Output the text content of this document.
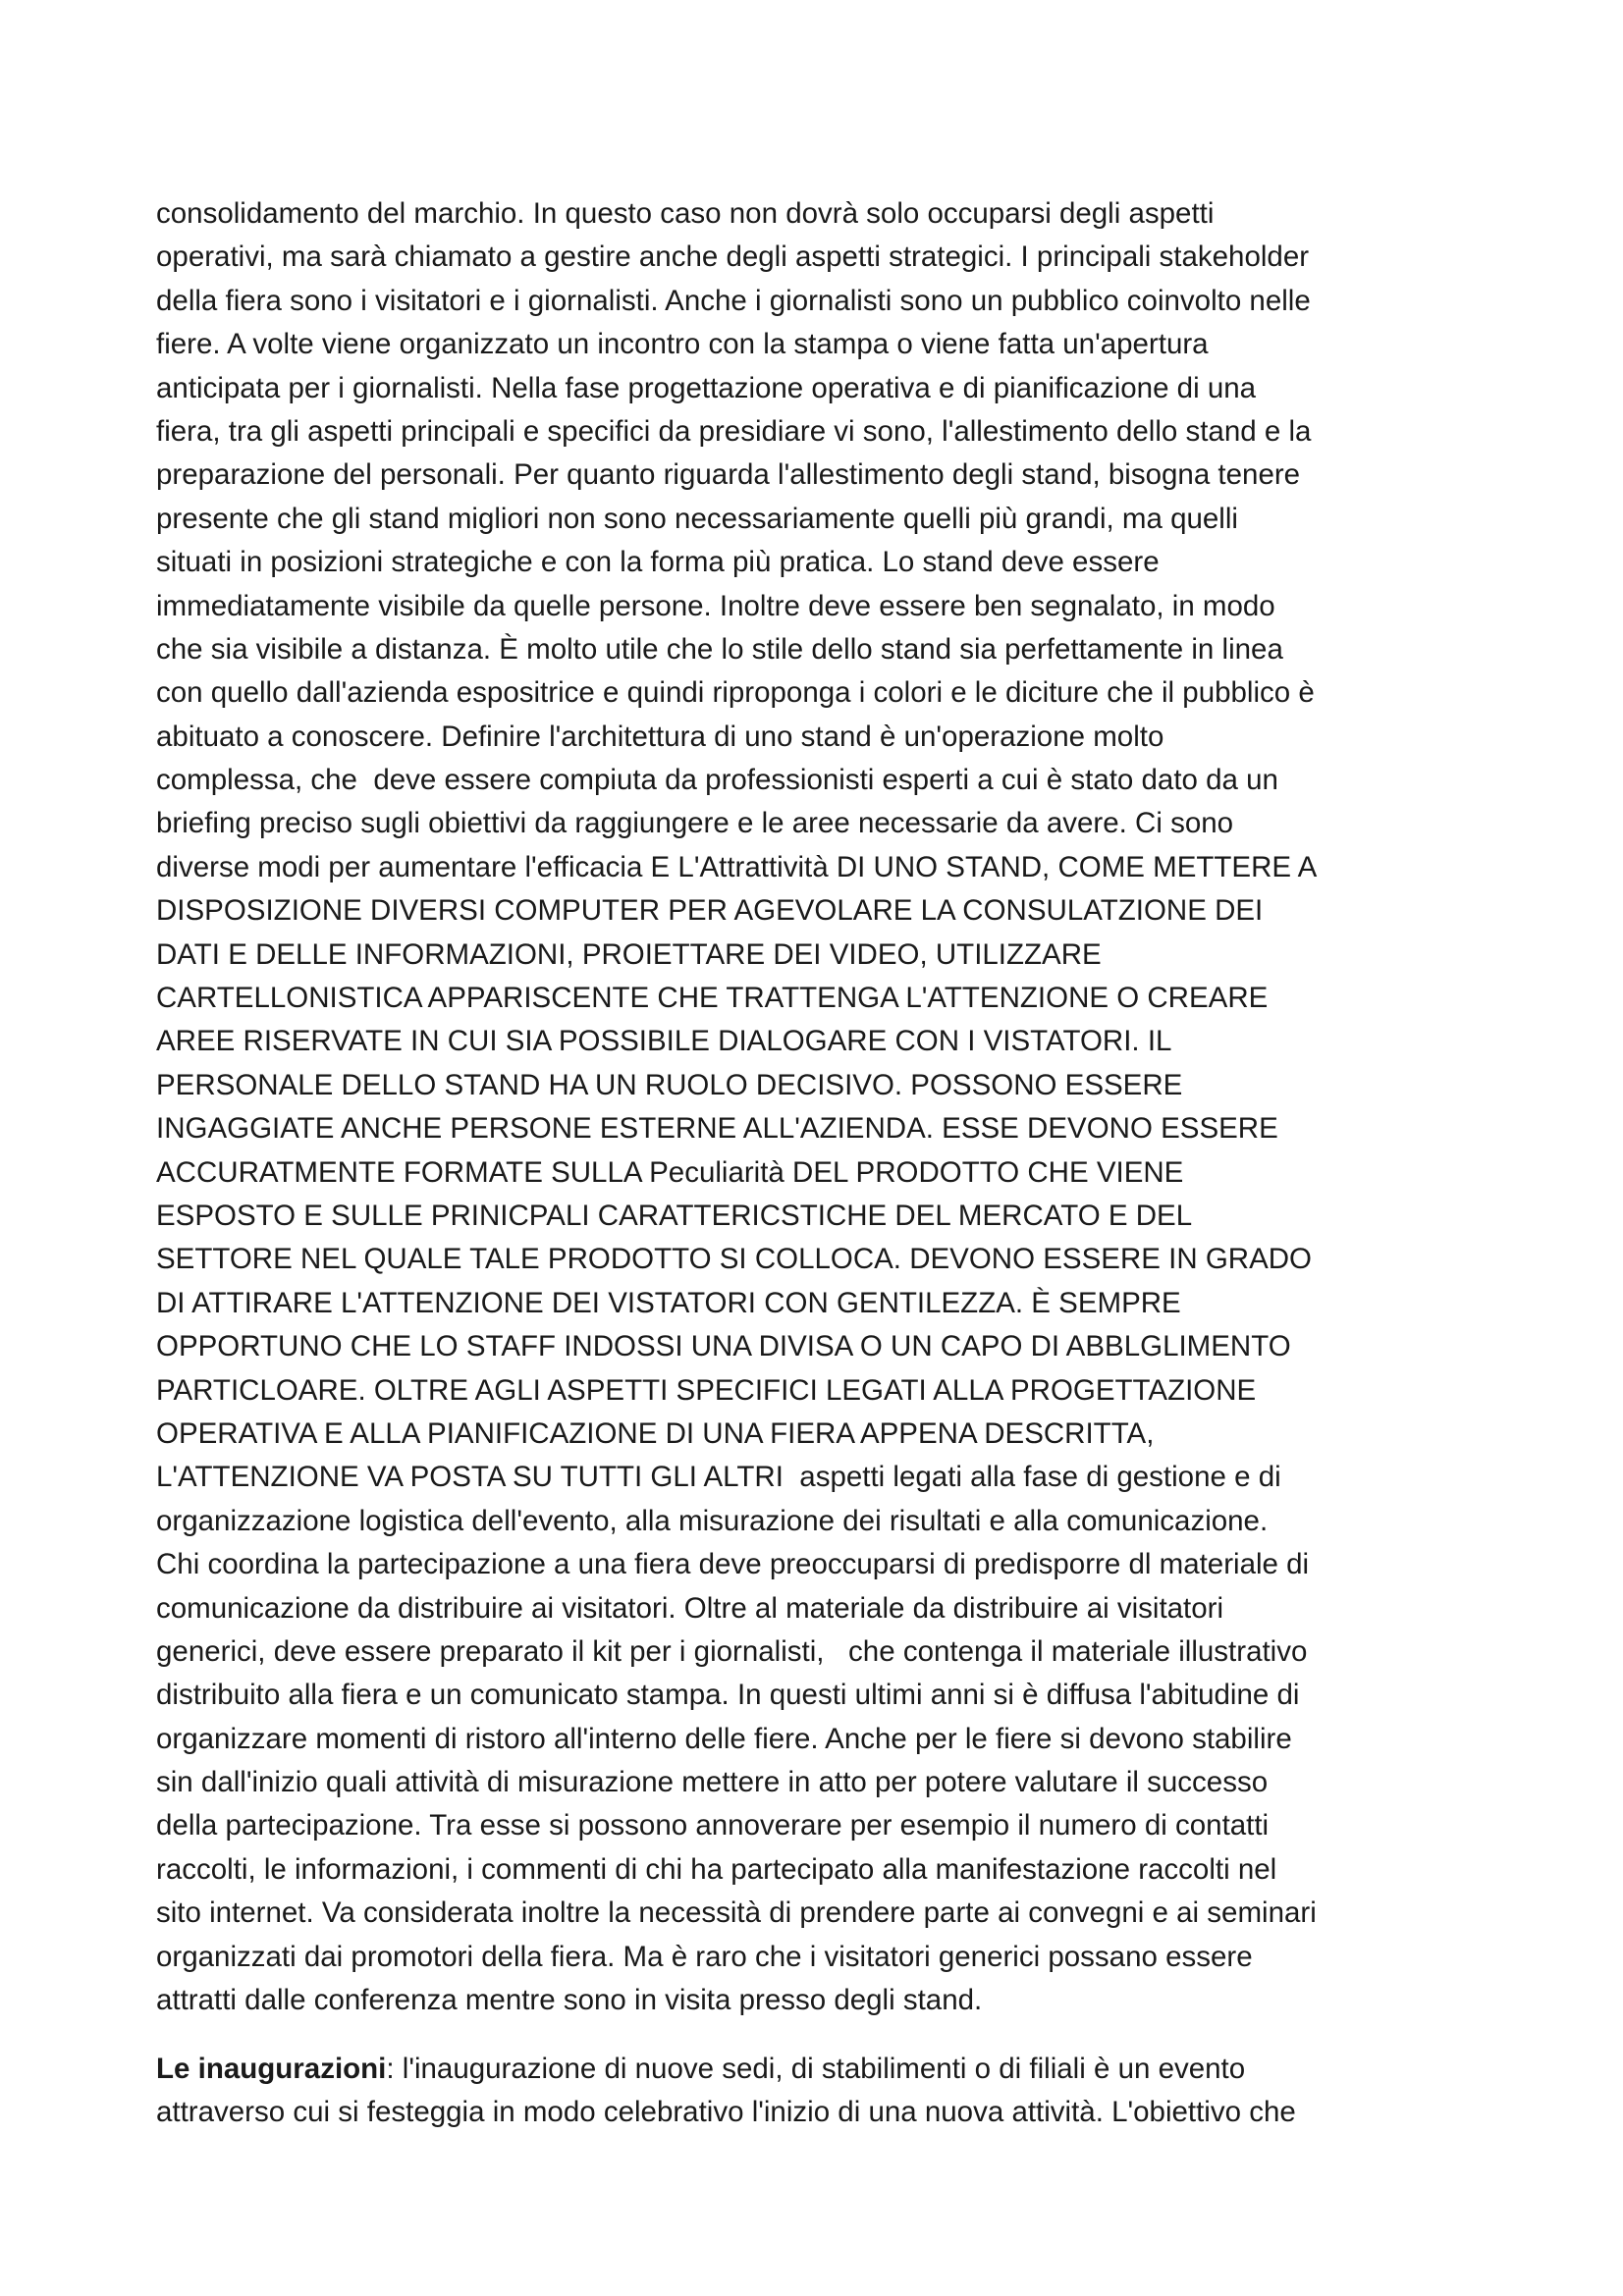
consolidamento del marchio. In questo caso non dovrà solo occuparsi degli aspetti
operativi, ma sarà chiamato a gestire anche degli aspetti strategici. I principali stakeholder
della fiera sono i visitatori e i giornalisti. Anche i giornalisti sono un pubblico coinvolto nelle
fiere. A volte viene organizzato un incontro con la stampa o viene fatta un'apertura
anticipata per i giornalisti. Nella fase progettazione operativa e di pianificazione di una
fiera, tra gli aspetti principali e specifici da presidiare vi sono, l'allestimento dello stand e la
preparazione del personali. Per quanto riguarda l'allestimento degli stand, bisogna tenere
presente che gli stand migliori non sono necessariamente quelli più grandi, ma quelli
situati in posizioni strategiche e con la forma più pratica. Lo stand deve essere
immediatamente visibile da quelle persone. Inoltre deve essere ben segnalato, in modo
che sia visibile a distanza. È molto utile che lo stile dello stand sia perfettamente in linea
con quello dall'azienda espositrice e quindi riproponga i colori e le diciture che il pubblico è
abituato a conoscere. Definire l'architettura di uno stand è un'operazione molto
complessa, che  deve essere compiuta da professionisti esperti a cui è stato dato da un
briefing preciso sugli obiettivi da raggiungere e le aree necessarie da avere. Ci sono
diverse modi per aumentare l'efficacia E L'Attrattività DI UNO STAND, COME METTERE A
DISPOSIZIONE DIVERSI COMPUTER PER AGEVOLARE LA CONSULATZIONE DEI
DATI E DELLE INFORMAZIONI, PROIETTARE DEI VIDEO, UTILIZZARE
CARTELLONISTICA APPARISCENTE CHE TRATTENGA L'ATTENZIONE O CREARE
AREE RISERVATE IN CUI SIA POSSIBILE DIALOGARE CON I VISTATORI. IL
PERSONALE DELLO STAND HA UN RUOLO DECISIVO. POSSONO ESSERE
INGAGGIATE ANCHE PERSONE ESTERNE ALL'AZIENDA. ESSE DEVONO ESSERE
ACCURATMENTE FORMATE SULLA Peculiarità DEL PRODOTTO CHE VIENE
ESPOSTO E SULLE PRINICPALI CARATTERICSTICHE DEL MERCATO E DEL
SETTORE NEL QUALE TALE PRODOTTO SI COLLOCA. DEVONO ESSERE IN GRADO
DI ATTIRARE L'ATTENZIONE DEI VISTATORI CON GENTILEZZA. È SEMPRE
OPPORTUNO CHE LO STAFF INDOSSI UNA DIVISA O UN CAPO DI ABBLGLIMENTO
PARTICLOARE. OLTRE AGLI ASPETTI SPECIFICI LEGATI ALLA PROGETTAZIONE
OPERATIVA E ALLA PIANIFICAZIONE DI UNA FIERA APPENA DESCRITTA,
L'ATTENZIONE VA POSTA SU TUTTI GLI ALTRI  aspetti legati alla fase di gestione e di
organizzazione logistica dell'evento, alla misurazione dei risultati e alla comunicazione.
Chi coordina la partecipazione a una fiera deve preoccuparsi di predisporre dl materiale di
comunicazione da distribuire ai visitatori. Oltre al materiale da distribuire ai visitatori
generici, deve essere preparato il kit per i giornalisti,   che contenga il materiale illustrativo
distribuito alla fiera e un comunicato stampa. In questi ultimi anni si è diffusa l'abitudine di
organizzare momenti di ristoro all'interno delle fiere. Anche per le fiere si devono stabilire
sin dall'inizio quali attività di misurazione mettere in atto per potere valutare il successo
della partecipazione. Tra esse si possono annoverare per esempio il numero di contatti
raccolti, le informazioni, i commenti di chi ha partecipato alla manifestazione raccolti nel
sito internet. Va considerata inoltre la necessità di prendere parte ai convegni e ai seminari
organizzati dai promotori della fiera. Ma è raro che i visitatori generici possano essere
attratti dalle conferenza mentre sono in visita presso degli stand.
Le inaugurazioni: l'inaugurazione di nuove sedi, di stabilimenti o di filiali è un evento
attraverso cui si festeggia in modo celebrativo l'inizio di una nuova attività. L'obiettivo che
